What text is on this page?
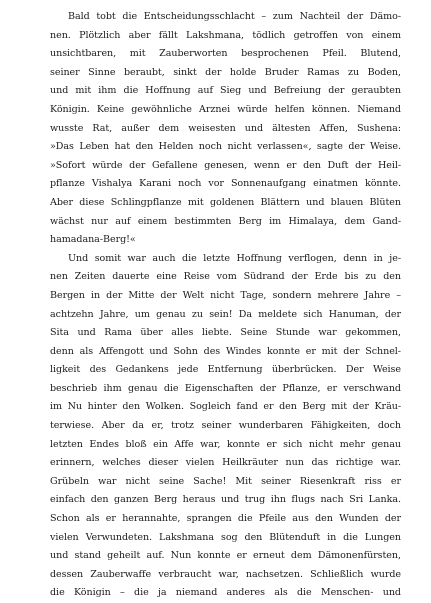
Bald tobt die Entscheidungsschlacht – zum Nachteil der Dämo-
nen. Plötzlich aber fällt Lakshmana, tödlich getroffen von einem
unsichtbaren, mit Zauberworten besprochenen Pfeil. Blutend,
seiner Sinne beraubt, sinkt der holde Bruder Ramas zu Boden,
und mit ihm die Hoffnung auf Sieg und Befreiung der geraubten
Königin. Keine gewöhnliche Arznei würde helfen können. Niemand
wusste Rat, außer dem weisesten und ältesten Affen, Sushena:
»Das Leben hat den Helden noch nicht verlassen«, sagte der Weise.
»Sofort würde der Gefallene genesen, wenn er den Duft der Heil-
pflanze Vishalya Karani noch vor Sonnenaufgang einatmen könnte.
Aber diese Schlingpflanze mit goldenen Blättern und blauen Blüten
wächst nur auf einem bestimmten Berg im Himalaya, dem Gand-
hamadana-Berg!«

Und somit war auch die letzte Hoffnung verflogen, denn in je-
nen Zeiten dauerte eine Reise vom Südrand der Erde bis zu den
Bergen in der Mitte der Welt nicht Tage, sondern mehrere Jahre –
achtzehn Jahre, um genau zu sein! Da meldete sich Hanuman, der
Sita und Rama über alles liebte. Seine Stunde war gekommen,
denn als Affengott und Sohn des Windes konnte er mit der Schnel-
ligkeit des Gedankens jede Entfernung überbrücken. Der Weise
beschrieb ihm genau die Eigenschaften der Pflanze, er verschwand
im Nu hinter den Wolken. Sogleich fand er den Berg mit der Kräu-
terwiese. Aber da er, trotz seiner wunderbaren Fähigkeiten, doch
letzten Endes bloß ein Affe war, konnte er sich nicht mehr genau
erinnern, welches dieser vielen Heilkräuter nun das richtige war.
Grübeln war nicht seine Sache! Mit seiner Riesenkraft riss er
einfach den ganzen Berg heraus und trug ihn flugs nach Sri Lanka.
Schon als er herannahte, sprangen die Pfeile aus den Wunden der
vielen Verwundeten. Lakshmana sog den Blütenduft in die Lungen
und stand geheilt auf. Nun konnte er erneut dem Dämonenfürsten,
dessen Zauberwaffe verbraucht war, nachsetzen. Schließlich wurde
die Königin – die ja niemand anderes als die Menschen- und
